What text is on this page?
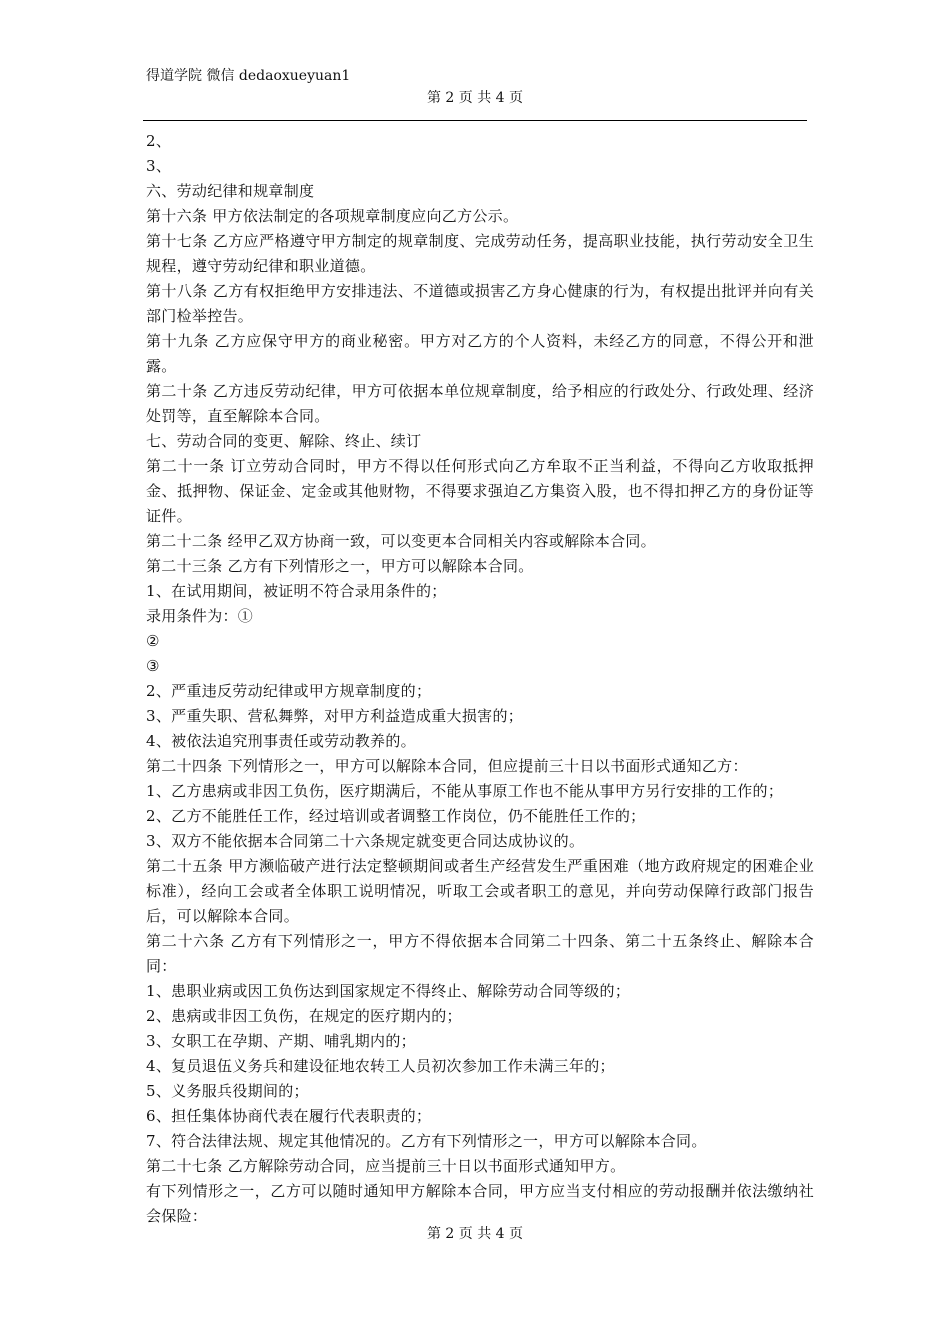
得道学院 微信 dedaoxueyuan1
第 2 页 共 4 页

2、

3、

六、劳动纪律和规章制度

第十六条 甲方依法制定的各项规章制度应向乙方公示。

第十七条 乙方应严格遵守甲方制定的规章制度、完成劳动任务，提高职业技能，执行劳动安全卫生规程，遵守劳动纪律和职业道德。

第十八条 乙方有权拒绝甲方安排违法、不道德或损害乙方身心健康的行为，有权提出批评并向有关部门检举控告。

第十九条 乙方应保守甲方的商业秘密。甲方对乙方的个人资料，未经乙方的同意，不得公开和泄露。

第二十条 乙方违反劳动纪律，甲方可依据本单位规章制度，给予相应的行政处分、行政处理、经济处罚等，直至解除本合同。

七、劳动合同的变更、解除、终止、续订

第二十一条 订立劳动合同时，甲方不得以任何形式向乙方牟取不正当利益，不得向乙方收取抵押金、抵押物、保证金、定金或其他财物，不得要求强迫乙方集资入股，也不得扣押乙方的身份证等证件。

第二十二条 经甲乙双方协商一致，可以变更本合同相关内容或解除本合同。

第二十三条 乙方有下列情形之一，甲方可以解除本合同。

1、在试用期间，被证明不符合录用条件的；

录用条件为：①

②

③

2、严重违反劳动纪律或甲方规章制度的；

3、严重失职、营私舞弊，对甲方利益造成重大损害的；

4、被依法追究刑事责任或劳动教养的。

第二十四条 下列情形之一，甲方可以解除本合同，但应提前三十日以书面形式通知乙方：

1、乙方患病或非因工负伤，医疗期满后，不能从事原工作也不能从事甲方另行安排的工作的；

2、乙方不能胜任工作，经过培训或者调整工作岗位，仍不能胜任工作的；

3、双方不能依据本合同第二十六条规定就变更合同达成协议的。

第二十五条 甲方濒临破产进行法定整顿期间或者生产经营发生严重困难（地方政府规定的困难企业标准），经向工会或者全体职工说明情况，听取工会或者职工的意见，并向劳动保障行政部门报告后，可以解除本合同。

第二十六条 乙方有下列情形之一，甲方不得依据本合同第二十四条、第二十五条终止、解除本合同：

1、患职业病或因工负伤达到国家规定不得终止、解除劳动合同等级的；

2、患病或非因工负伤，在规定的医疗期内的；

3、女职工在孕期、产期、哺乳期内的；

4、复员退伍义务兵和建设征地农转工人员初次参加工作未满三年的；

5、义务服兵役期间的；

6、担任集体协商代表在履行代表职责的；

7、符合法律法规、规定其他情况的。乙方有下列情形之一，甲方可以解除本合同。

第二十七条 乙方解除劳动合同，应当提前三十日以书面形式通知甲方。

有下列情形之一，乙方可以随时通知甲方解除本合同，甲方应当支付相应的劳动报酬并依法缴纳社会保险：

第 2 页 共 4 页
